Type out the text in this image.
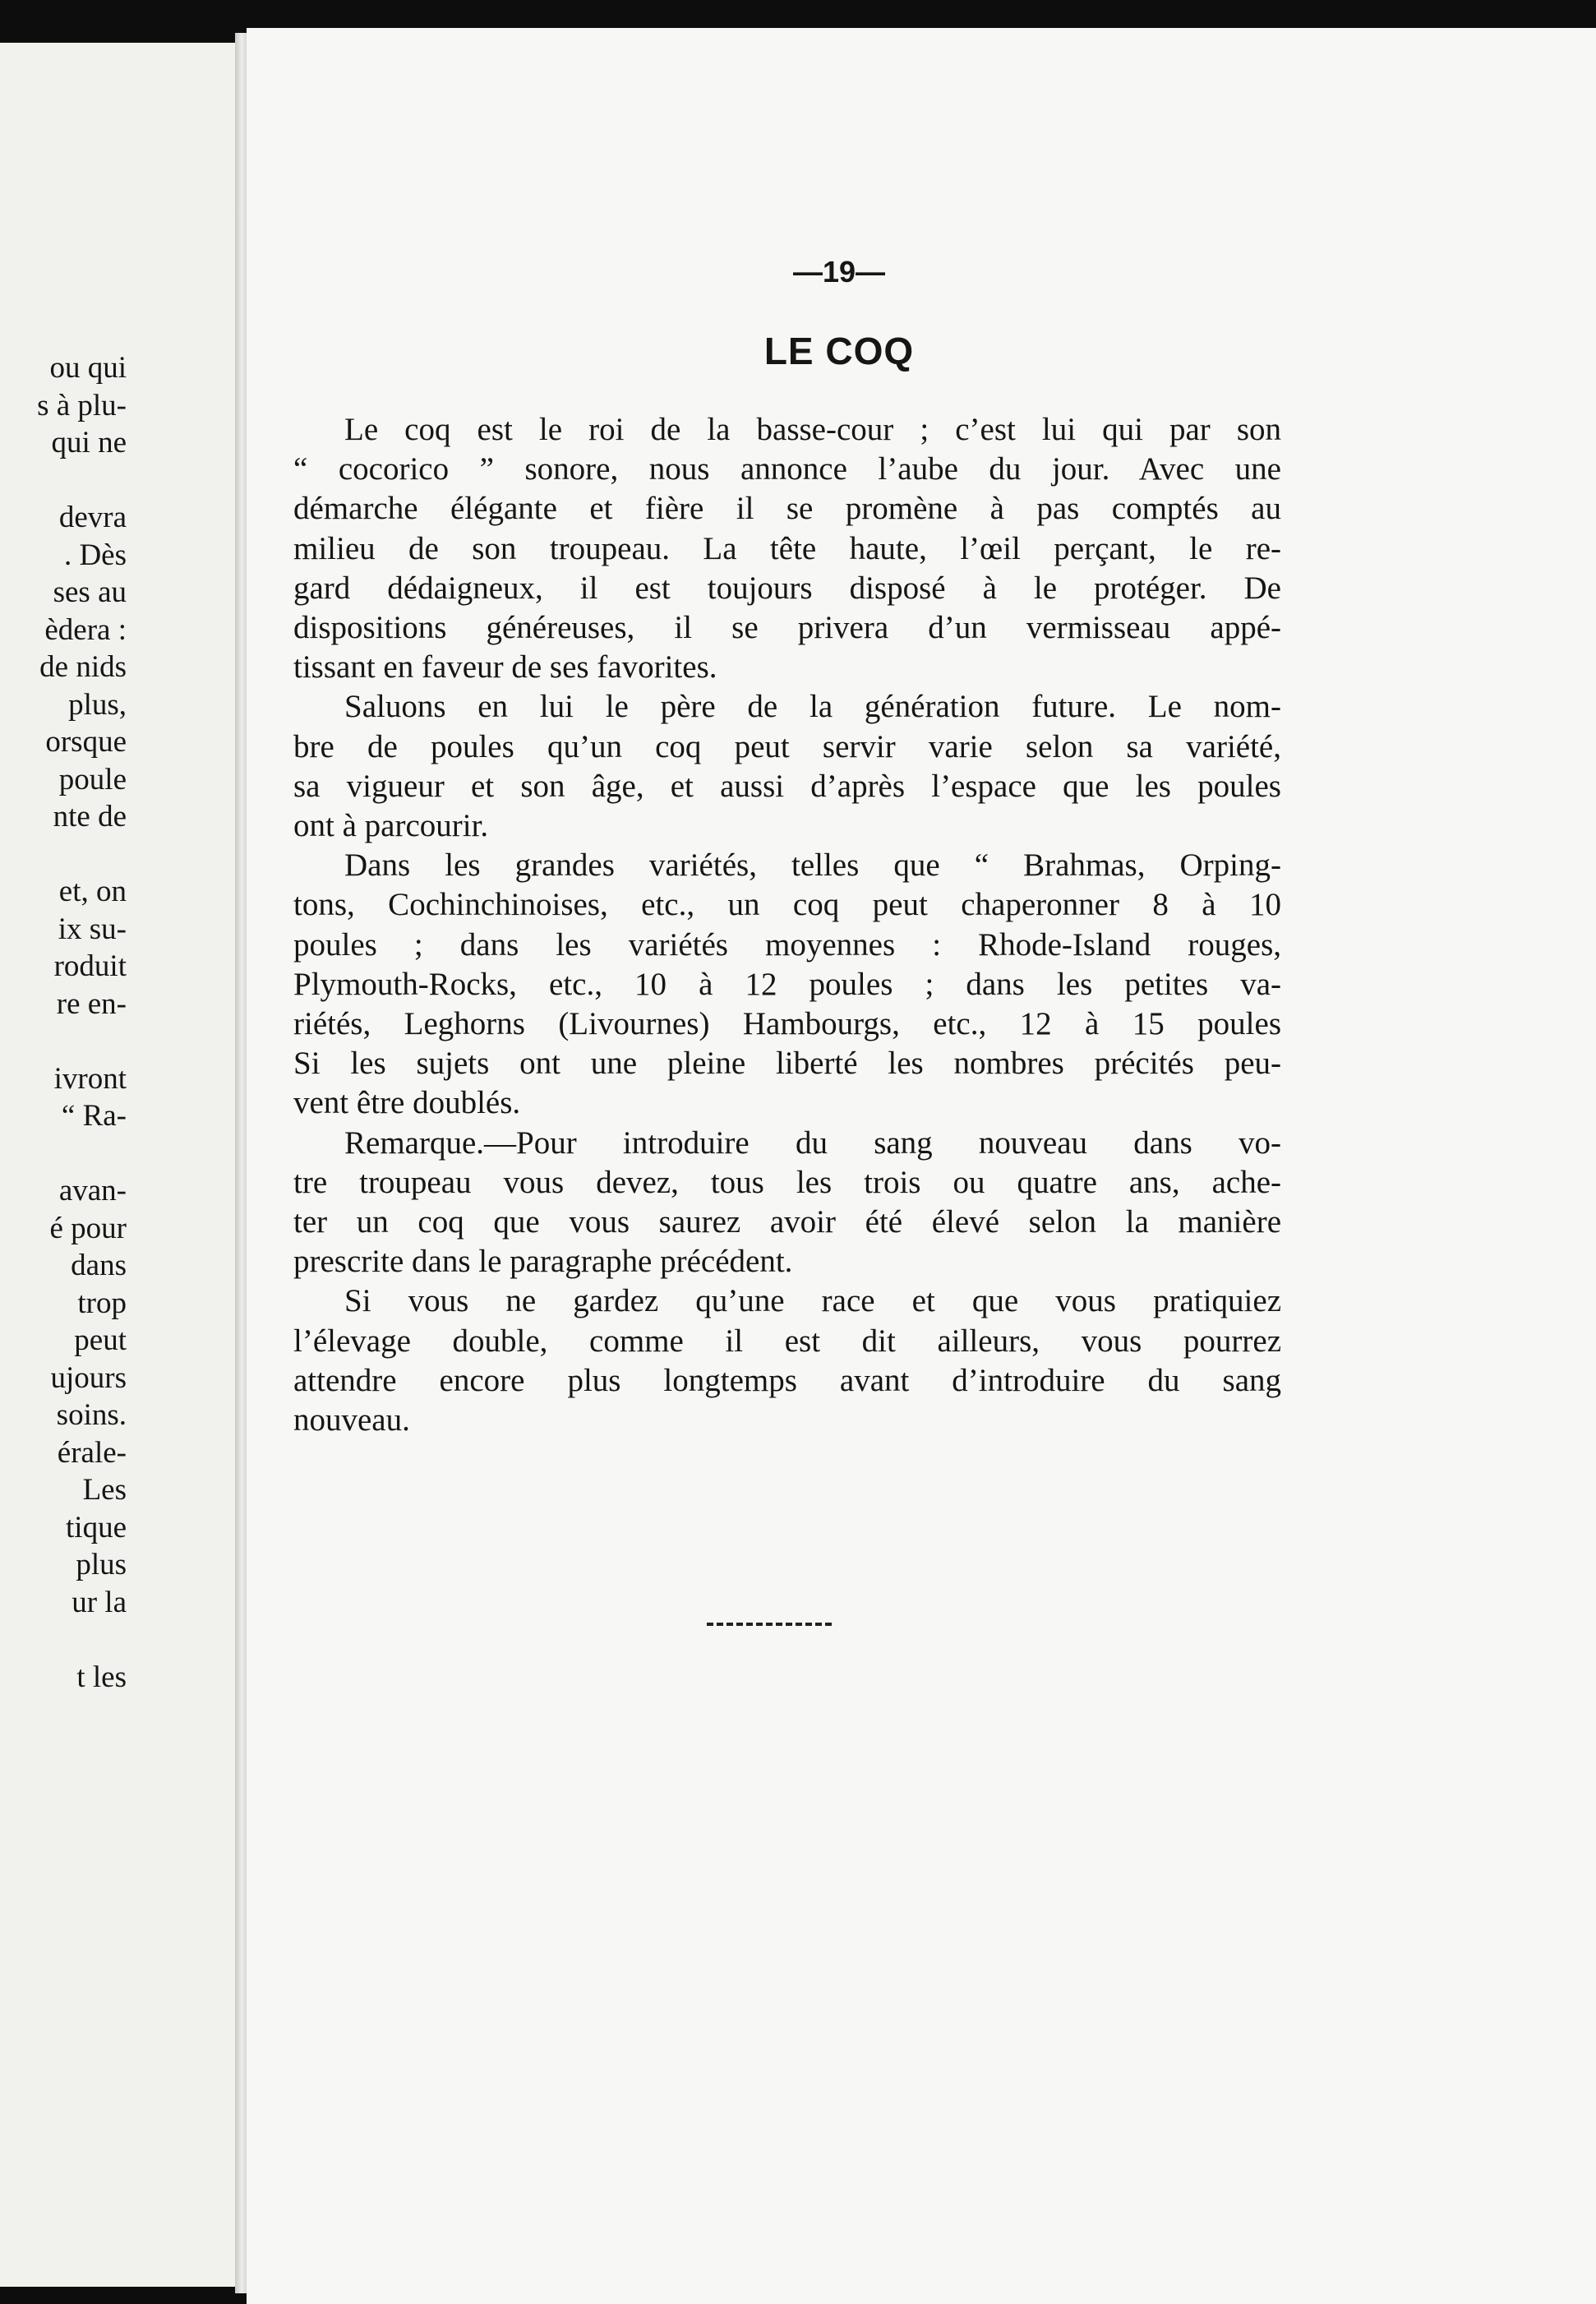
ou qui
s à plu-
qui ne
devra
. Dès
ses au
èdera :
de nids
plus,
orsque
poule
nte de
et, on
ix su-
roduit
re en-
ivront
“ Ra-
avan-
é pour
dans
trop
peut
ujours
soins.
érale-
Les
tique
plus
ur la
t les
—19—
LE COQ
Le coq est le roi de la basse-cour ; c’est lui qui par son
“ cocorico ” sonore, nous annonce l’aube du jour. Avec une
démarche élégante et fière il se promène à pas comptés au
milieu de son troupeau. La tête haute, l’œil perçant, le re-
gard dédaigneux, il est toujours disposé à le protéger. De
dispositions généreuses, il se privera d’un vermisseau appé-
tissant en faveur de ses favorites.
Saluons en lui le père de la génération future. Le nom-
bre de poules qu’un coq peut servir varie selon sa variété,
sa vigueur et son âge, et aussi d’après l’espace que les poules
ont à parcourir.
Dans les grandes variétés, telles que “ Brahmas, Orping-
tons, Cochinchinoises, etc., un coq peut chaperonner 8 à 10
poules ; dans les variétés moyennes : Rhode-Island rouges,
Plymouth-Rocks, etc., 10 à 12 poules ; dans les petites va-
riétés, Leghorns (Livournes) Hambourgs, etc., 12 à 15 poules
Si les sujets ont une pleine liberté les nombres précités peu-
vent être doublés.
Remarque.—Pour introduire du sang nouveau dans vo-
tre troupeau vous devez, tous les trois ou quatre ans, ache-
ter un coq que vous saurez avoir été élevé selon la manière
prescrite dans le paragraphe précédent.
Si vous ne gardez qu’une race et que vous pratiquiez
l’élevage double, comme il est dit ailleurs, vous pourrez
attendre encore plus longtemps avant d’introduire du sang
nouveau.
